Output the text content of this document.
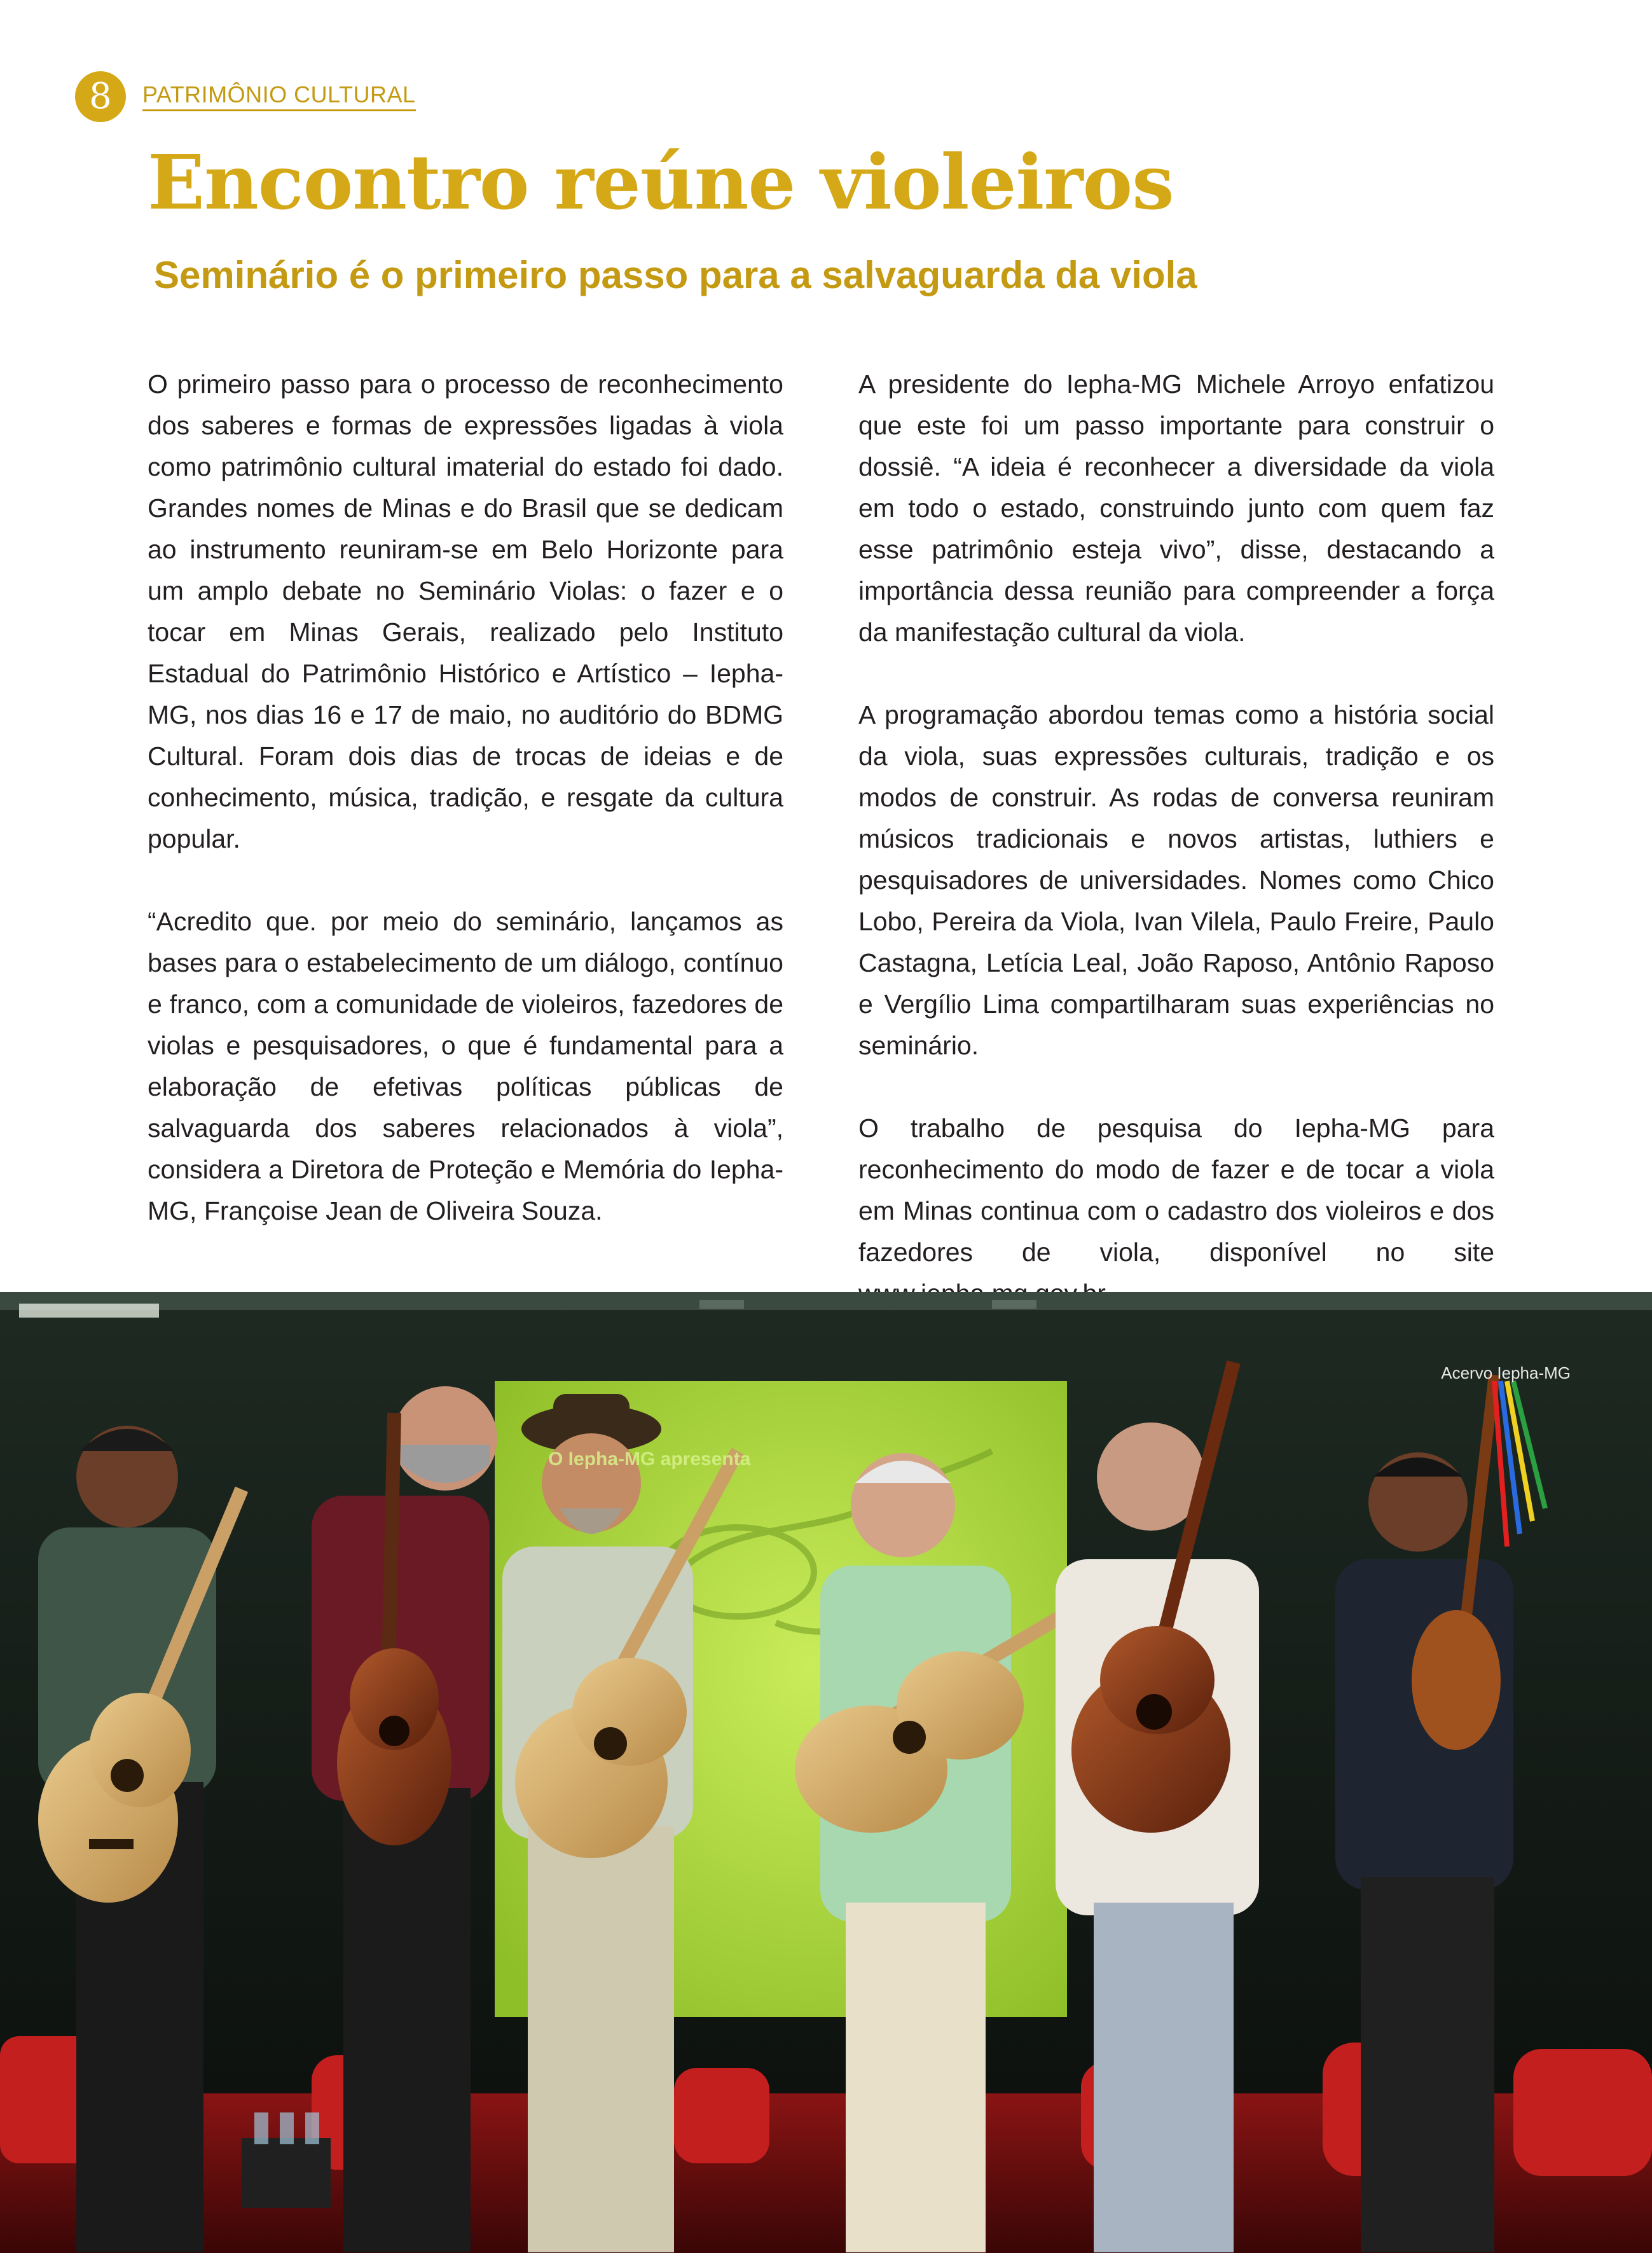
8	PATRIMÔNIO CULTURAL
Encontro reúne violeiros
Seminário é o primeiro passo para a salvaguarda da viola

O primeiro passo para o processo de reconhecimento dos saberes e formas de expressões ligadas à viola como patrimônio cultural imaterial do estado foi dado. Grandes nomes de Minas e do Brasil que se dedicam ao instrumento reuniram-se em Belo Horizonte para um amplo debate no Seminário Violas: o fazer e o tocar em Minas Gerais, realizado pelo Instituto Estadual do Patrimônio Histórico e Artístico – Iepha-MG, nos dias 16 e 17 de maio, no auditório do BDMG Cultural. Foram dois dias de trocas de ideias e de conhecimento, música, tradição, e resgate da cultura popular.

“Acredito que. por meio do seminário, lançamos as bases para o estabelecimento de um diálogo, contínuo e franco, com a comunidade de violeiros, fazedores de violas e pesquisadores, o que é fundamental para a elaboração de efetivas políticas públicas de salvaguarda dos saberes relacionados à viola”, considera a Diretora de Proteção e Memória do Iepha-MG, Françoise Jean de Oliveira Souza.

A presidente do Iepha-MG Michele Arroyo enfatizou que este foi um passo importante para construir o dossiê. “A ideia é reconhecer a diversidade da viola em todo o estado, construindo junto com quem faz esse patrimônio esteja vivo”, disse, destacando a importância dessa reunião para compreender a força da manifestação cultural da viola.

A programação abordou temas como a história social da viola, suas expressões culturais, tradição e os modos de construir. As rodas de conversa reuniram músicos tradicionais e novos artistas, luthiers e pesquisadores de universidades. Nomes como Chico Lobo, Pereira da Viola, Ivan Vilela, Paulo Freire, Paulo Castagna, Letícia Leal, João Raposo, Antônio Raposo e Vergílio Lima compartilharam suas experiências no seminário.

O trabalho de pesquisa do Iepha-MG para reconhecimento do modo de fazer e de tocar a viola em Minas continua com o cadastro dos violeiros e dos fazedores de viola, disponível no site

O Iepha-MG apresenta
Acervo Iepha-MG
